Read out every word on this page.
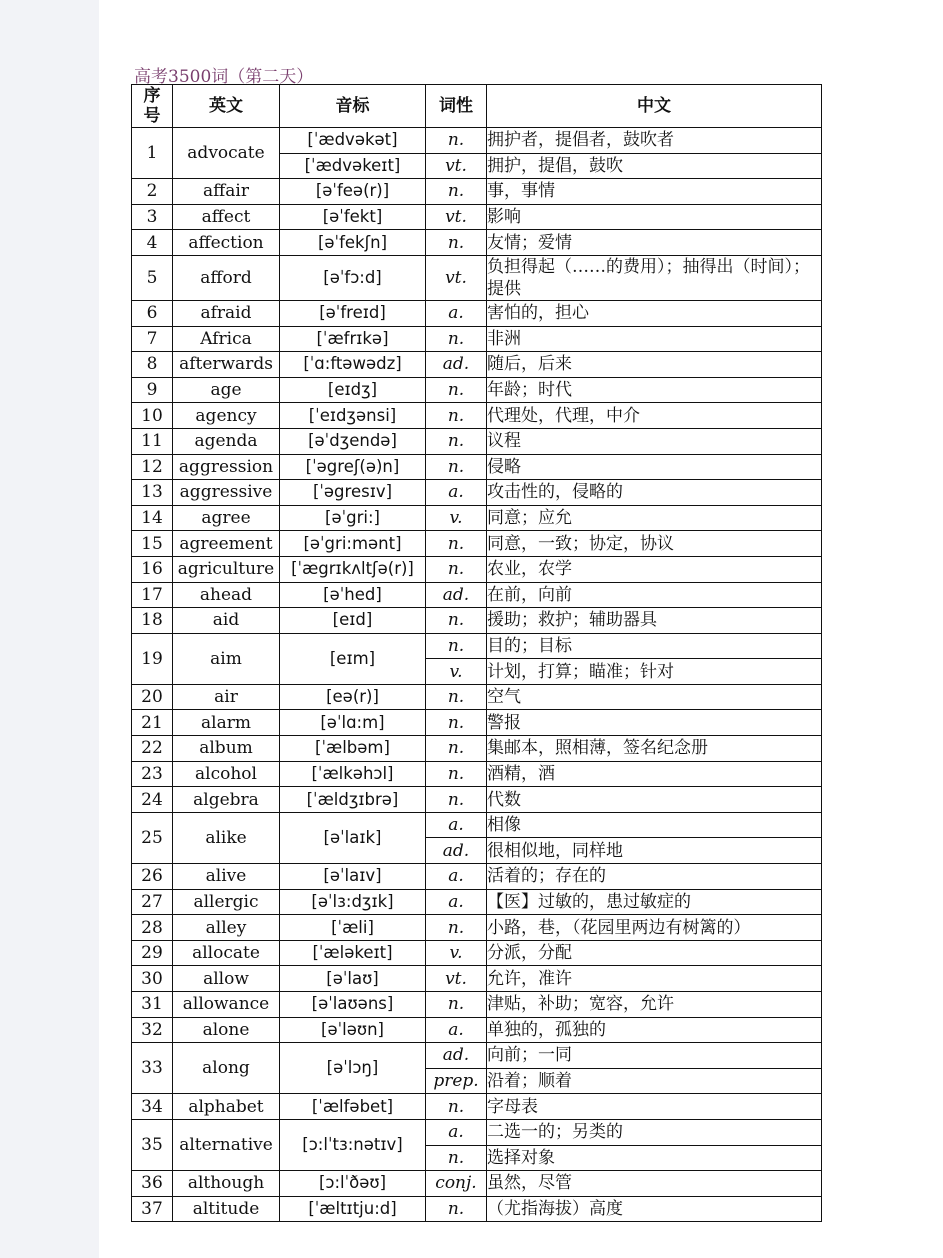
高考3500词（第二天）
序号	英文	音标	词性	中文
1	advocate	[ˈædvəkət]	n.	拥护者，提倡者，鼓吹者
		[ˈædvəkeɪt]	vt.	拥护，提倡，鼓吹
2	affair	[əˈfeə(r)]	n.	事，事情
3	affect	[əˈfekt]	vt.	影响
4	affection	[əˈfekʃn]	n.	友情；爱情
5	afford	[əˈfɔ:d]	vt.	负担得起（……的费用）；抽得出（时间）；提供
6	afraid	[əˈfreɪd]	a.	害怕的，担心
7	Africa	[ˈæfrɪkə]	n.	非洲
8	afterwards	[ˈɑ:ftəwədz]	ad.	随后，后来
9	age	[eɪdʒ]	n.	年龄；时代
10	agency	[ˈeɪdʒənsi]	n.	代理处，代理，中介
11	agenda	[əˈdʒendə]	n.	议程
12	aggression	[ˈəgreʃ(ə)n]	n.	侵略
13	aggressive	[ˈəgresɪv]	a.	攻击性的，侵略的
14	agree	[əˈgri:]	v.	同意；应允
15	agreement	[əˈgri:mənt]	n.	同意，一致；协定，协议
16	agriculture	[ˈægrɪkʌltʃə(r)]	n.	农业，农学
17	ahead	[əˈhed]	ad.	在前，向前
18	aid	[eɪd]	n.	援助；救护；辅助器具
19	aim	[eɪm]	n.	目的；目标
			v.	计划，打算；瞄准；针对
20	air	[eə(r)]	n.	空气
21	alarm	[əˈlɑ:m]	n.	警报
22	album	[ˈælbəm]	n.	集邮本，照相薄，签名纪念册
23	alcohol	[ˈælkəhɔl]	n.	酒精，酒
24	algebra	[ˈældʒɪbrə]	n.	代数
25	alike	[əˈlaɪk]	a.	相像
			ad.	很相似地，同样地
26	alive	[əˈlaɪv]	a.	活着的；存在的
27	allergic	[əˈlɜ:dʒɪk]	a.	【医】过敏的，患过敏症的
28	alley	[ˈæli]	n.	小路，巷，（花园里两边有树篱的）
29	allocate	[ˈæləkeɪt]	v.	分派，分配
30	allow	[əˈlaʊ]	vt.	允许，准许
31	allowance	[əˈlaʊəns]	n.	津贴，补助；宽容，允许
32	alone	[əˈləʊn]	a.	单独的，孤独的
33	along	[əˈlɔŋ]	ad.	向前；一同
			prep.	沿着；顺着
34	alphabet	[ˈælfəbet]	n.	字母表
35	alternative	[ɔ:lˈtɜ:nətɪv]	a.	二选一的；另类的
			n.	选择对象
36	although	[ɔ:lˈðəʊ]	conj.	虽然，尽管
37	altitude	[ˈæltɪtju:d]	n.	（尤指海拔）高度
